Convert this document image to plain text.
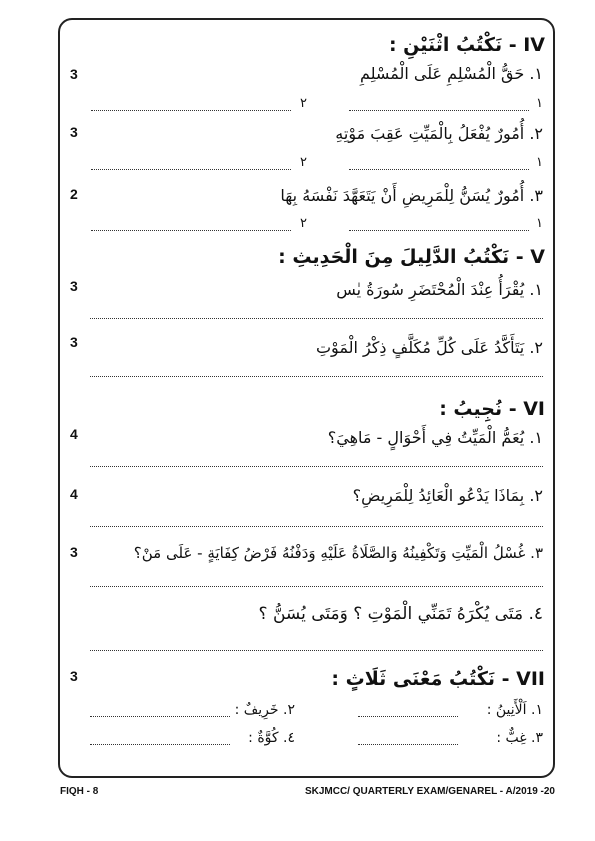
IV - نَكْتُبُ اثْنَيْنِ :
3	١. حَقُّ الْمُسْلِمِ عَلَى الْمُسْلِمِ
١
٢
3	٢. أُمُورٌ يُفْعَلُ بِالْمَيِّتِ عَقِبَ مَوْتِهِ
١
٢
2	٣. أُمُورٌ يُسَنُّ لِلْمَرِيضِ أَنْ يَتَعَهَّدَ نَفْسَهُ بِهَا
١
٢
V - نَكْتُبُ الدَّلِيلَ مِنَ الْحَدِيثِ :
3	١. يُقْرَأُ عِنْدَ الْمُحْتَضَرِ سُورَةُ يٰس
3	٢. يَتَأَكَّدُ عَلَى كُلِّ مُكَلَّفٍ ذِكْرُ الْمَوْتِ
VI - نُجِيبُ :
4	١. يُعَمُّ الْمَيِّتُ فِي أَحْوَالٍ - مَاهِيَ؟
4	٢. بِمَاذَا يَدْعُو الْعَائِدُ لِلْمَرِيضِ؟
3	٣. غُسْلُ الْمَيِّتِ وَتَكْفِينُهُ وَالصَّلَاةُ عَلَيْهِ وَدَفْنُهُ فَرْضُ كِفَايَةٍ - عَلَى مَنْ؟
٤. مَتَى يُكْرَهُ تَمَنِّي الْمَوْتِ ؟ وَمَتَى يُسَنُّ ؟
3	VII - نَكْتُبُ مَعْنَى ثَلَاثٍ :
١. اَلْأَنِينُ :
٢. خَرِيفٌ :
٣. غِبٌّ :
٤. كُوَّةٌ :
FIQH - 8	SKJMCC/ QUARTERLY EXAM/GENAREL - A/2019 -20
